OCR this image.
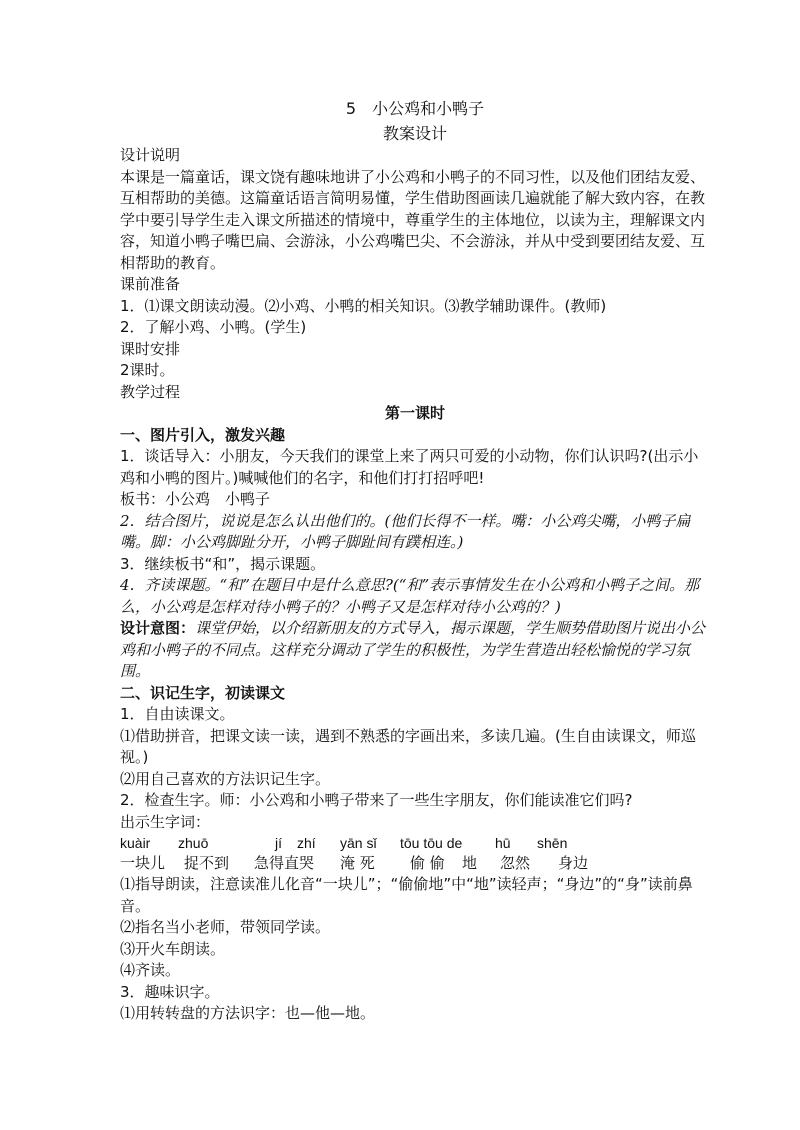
5　小公鸡和小鸭子

教案设计

设计说明

本课是一篇童话，课文饶有趣味地讲了小公鸡和小鸭子的不同习性，以及他们团结友爱、互相帮助的美德。这篇童话语言简明易懂，学生借助图画读几遍就能了解大致内容，在教学中要引导学生走入课文所描述的情境中，尊重学生的主体地位，以读为主，理解课文内容，知道小鸭子嘴巴扁、会游泳，小公鸡嘴巴尖、不会游泳，并从中受到要团结友爱、互相帮助的教育。

课前准备

1．⑴课文朗读动漫。⑵小鸡、小鸭的相关知识。⑶教学辅助课件。(教师)

2．了解小鸡、小鸭。(学生)

课时安排

2课时。

教学过程

第一课时

一、图片引入，激发兴趣

1．谈话导入：小朋友，今天我们的课堂上来了两只可爱的小动物，你们认识吗?(出示小鸡和小鸭的图片。)喊喊他们的名字，和他们打打招呼吧!

板书：小公鸡　小鸭子

2．结合图片，说说是怎么认出他们的。(他们长得不一样。嘴：小公鸡尖嘴，小鸭子扁嘴。脚：小公鸡脚趾分开，小鸭子脚趾间有蹼相连。)

3．继续板书“和”，揭示课题。

4．齐读课题。“和”在题目中是什么意思?(“和”表示事情发生在小公鸡和小鸭子之间。那么，小公鸡是怎样对待小鸭子的？小鸭子又是怎样对待小公鸡的？)

设计意图：课堂伊始，以介绍新朋友的方式导入，揭示课题，学生顺势借助图片说出小公鸡和小鸭子的不同点。这样充分调动了学生的积极性，为学生营造出轻松愉悦的学习氛围。

二、识记生字，初读课文

1．自由读课文。

⑴借助拼音，把课文读一读，遇到不熟悉的字画出来，多读几遍。(生自由读课文，师巡视。)

⑵用自己喜欢的方法识记生字。

2．检查生字。师：小公鸡和小鸭子带来了一些生字朋友，你们能读准它们吗?

出示生字词：

kuàir	zhuō	jí	zhí	yān sǐ	tōu tōu de	hū	shēn
一块儿	捉不到	急得直哭	淹 死	偷 偷	地	忽然	身边

⑴指导朗读，注意读准儿化音“一块儿”；“偷偷地”中“地”读轻声；“身边”的“身”读前鼻音。

⑵指名当小老师，带领同学读。

⑶开火车朗读。

⑷齐读。

3．趣味识字。

⑴用转转盘的方法识字：也—他—地。
